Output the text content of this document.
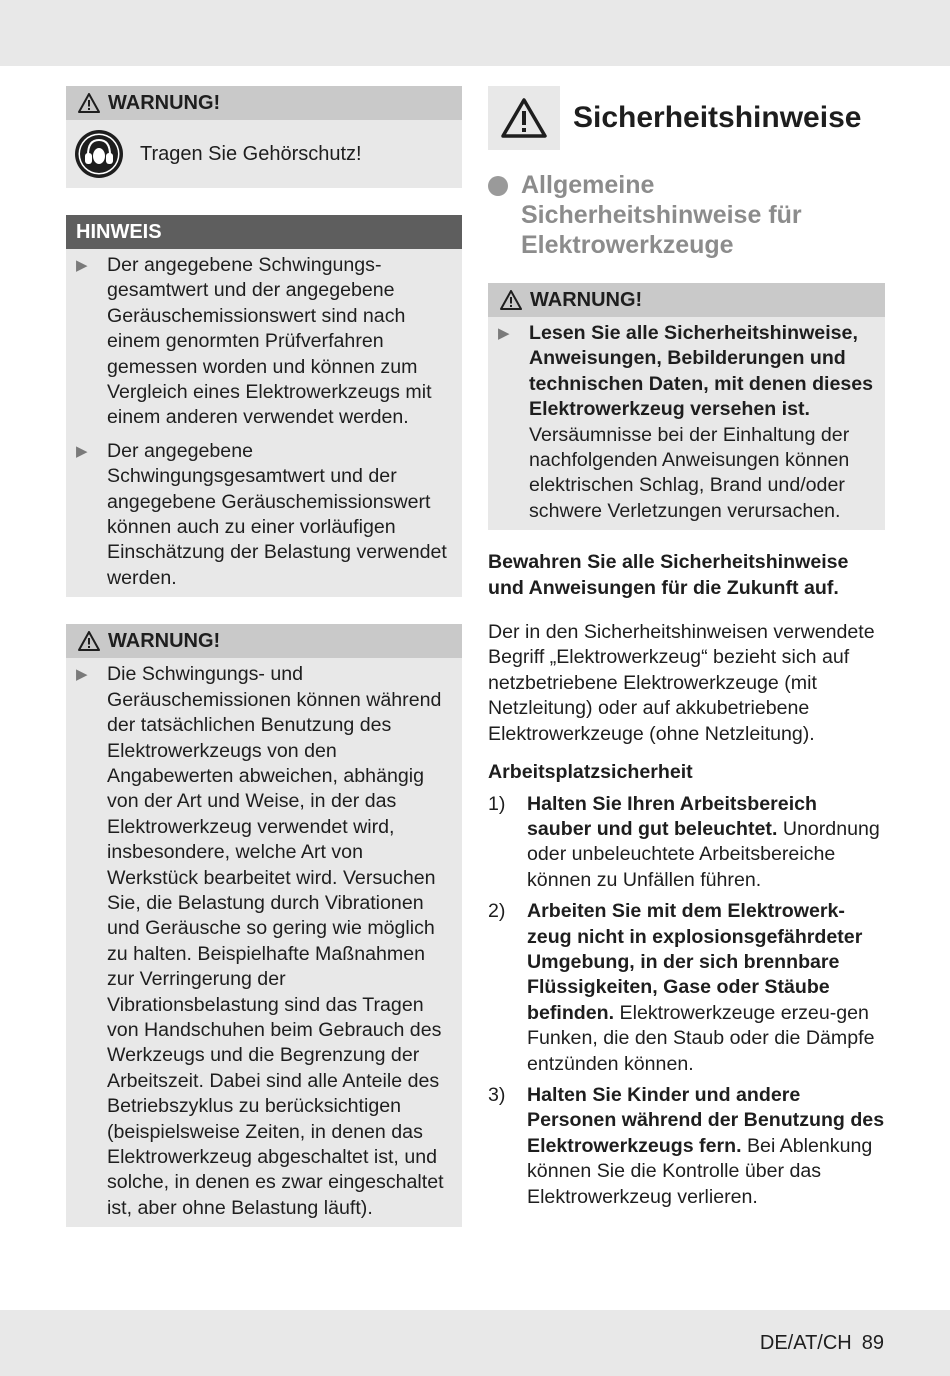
WARNUNG!
Tragen Sie Gehörschutz!
HINWEIS
▶ Der angegebene Schwingungs-gesamtwert und der angegebene Geräuschemissionswert sind nach einem genormten Prüfverfahren gemessen worden und können zum Vergleich eines Elektrowerkzeugs mit einem anderen verwendet werden.
▶ Der angegebene Schwingungsgesamtwert und der angegebene Geräuschemissionswert können auch zu einer vorläufigen Einschätzung der Belastung verwendet werden.
WARNUNG!
▶ Die Schwingungs- und Geräuschemissionen können während der tatsächlichen Benutzung des Elektrowerkzeugs von den Angabewerten abweichen, abhängig von der Art und Weise, in der das Elektrowerkzeug verwendet wird, insbesondere, welche Art von Werkstück bearbeitet wird. Versuchen Sie, die Belastung durch Vibrationen und Geräusche so gering wie möglich zu halten. Beispielhafte Maßnahmen zur Verringerung der Vibrationsbelastung sind das Tragen von Handschuhen beim Gebrauch des Werkzeugs und die Begrenzung der Arbeitszeit. Dabei sind alle Anteile des Betriebszyklus zu berücksichtigen (beispielsweise Zeiten, in denen das Elektrowerkzeug abgeschaltet ist, und solche, in denen es zwar eingeschaltet ist, aber ohne Belastung läuft).
Sicherheitshinweise
Allgemeine Sicherheitshinweise für Elektrowerkzeuge
WARNUNG!
▶ Lesen Sie alle Sicherheitshinweise, Anweisungen, Bebilderungen und technischen Daten, mit denen dieses Elektrowerkzeug versehen ist. Versäumnisse bei der Einhaltung der nachfolgenden Anweisungen können elektrischen Schlag, Brand und/oder schwere Verletzungen verursachen.

Bewahren Sie alle Sicherheitshinweise und Anweisungen für die Zukunft auf.

Der in den Sicherheitshinweisen verwendete Begriff „Elektrowerkzeug“ bezieht sich auf netzbetriebene Elektrowerkzeuge (mit Netzleitung) oder auf akkubetriebene Elektrowerkzeuge (ohne Netzleitung).

Arbeitsplatzsicherheit

1)	Halten Sie Ihren Arbeitsbereich sauber und gut beleuchtet. Unordnung oder unbeleuchtete Arbeitsbereiche können zu Unfällen führen.
2)	Arbeiten Sie mit dem Elektrowerk-zeug nicht in explosionsgefährdeter Umgebung, in der sich brennbare Flüssigkeiten, Gase oder Stäube befinden. Elektrowerkzeuge erzeu-gen Funken, die den Staub oder die Dämpfe entzünden können.
3)	Halten Sie Kinder und andere Personen während der Benutzung des Elektrowerkzeugs fern. Bei Ablenkung können Sie die Kontrolle über das Elektrowerkzeug verlieren.
DE/AT/CH 89
